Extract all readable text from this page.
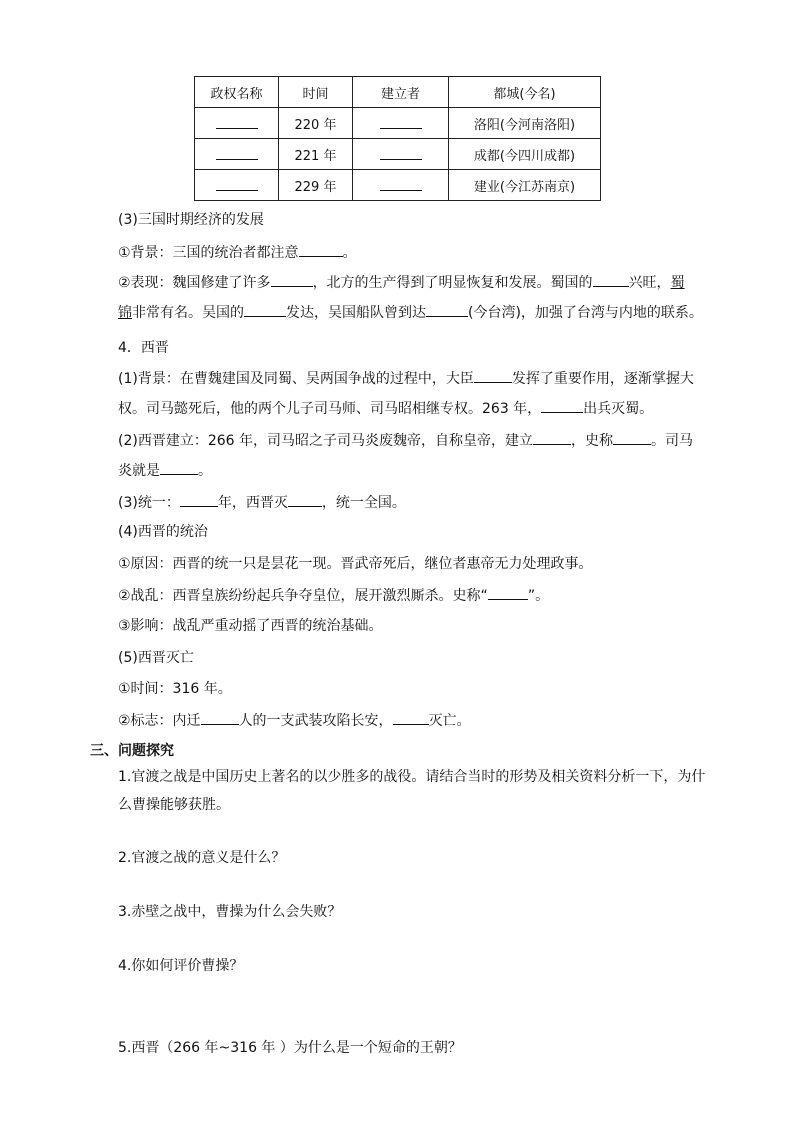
政权名称	时间	建立者	都城(今名)
	220 年		洛阳(今河南洛阳)
	221 年		成都(今四川成都)
	229 年		建业(今江苏南京)
(3)三国时期经济的发展
①背景：三国的统治者都注意	。
②表现：魏国修建了许多	，北方的生产得到了明显恢复和发展。蜀国的	兴旺，蜀
锦非常有名。吴国的	发达，吴国船队曾到达	(今台湾)，加强了台湾与内地的联系。
4．西晋
(1)背景：在曹魏建国及同蜀、吴两国争战的过程中，大臣	发挥了重要作用，逐渐掌握大
权。司马懿死后，他的两个儿子司马师、司马昭相继专权。263 年，	出兵灭蜀。
(2)西晋建立：266 年，司马昭之子司马炎废魏帝，自称皇帝，建立	，史称	。司马
炎就是	。
(3)统一：	年，西晋灭 ，统一全国。
(4)西晋的统治
①原因：西晋的统一只是昙花一现。晋武帝死后，继位者惠帝无力处理政事。
②战乱：西晋皇族纷纷起兵争夺皇位，展开激烈厮杀。史称“	”。
③影响：战乱严重动摇了西晋的统治基础。
(5)西晋灭亡
①时间：316 年。
②标志：内迁	人的一支武装攻陷长安，	灭亡。
三、问题探究
1.官渡之战是中国历史上著名的以少胜多的战役。请结合当时的形势及相关资料分析一下，为什么曹操能够获胜。
2.官渡之战的意义是什么？
3.赤壁之战中，曹操为什么会失败？
4.你如何评价曹操？
5.西晋（266 年~316 年 ）为什么是一个短命的王朝？
